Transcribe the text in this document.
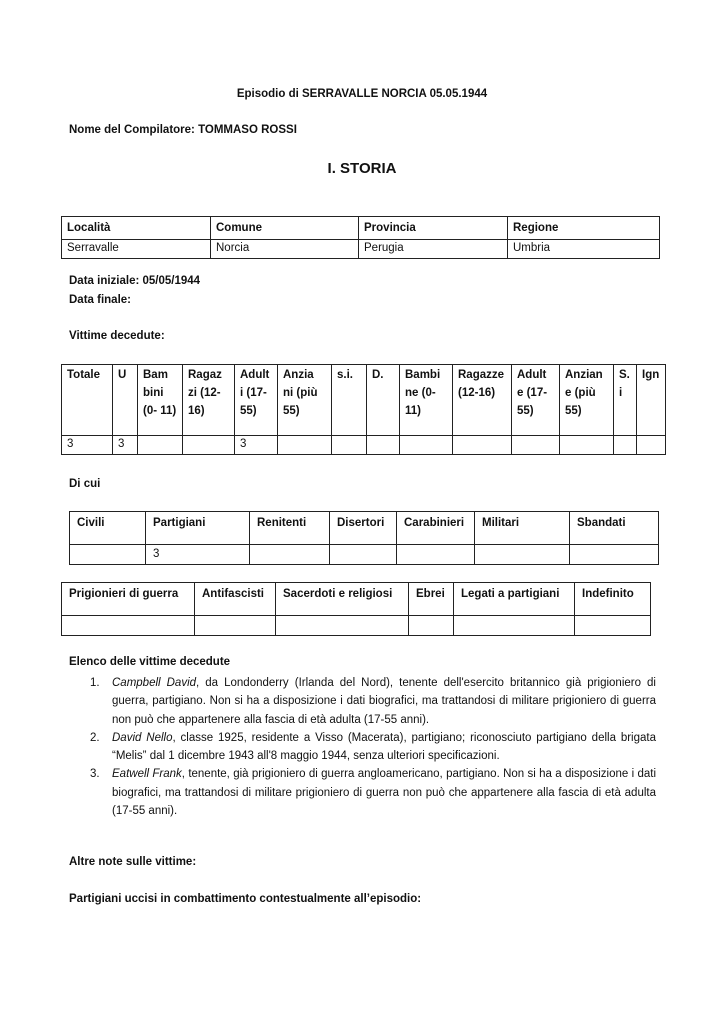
Episodio di SERRAVALLE NORCIA 05.05.1944
Nome del Compilatore: TOMMASO ROSSI
I. STORIA
Località	Comune	Provincia	Regione
Serravalle	Norcia	Perugia	Umbria
Data iniziale: 05/05/1944
Data finale:
Vittime decedute:
Totale	U	Bam bini (0- 11)	Ragaz zi (12- 16)	Adult i (17- 55)	Anzia ni (più 55)	s.i.	D.	Bambi ne (0- 11)	Ragazze (12-16)	Adult e (17- 55)	Anzian e (più 55)	S. i	Ign
3	3			3									
Di cui
Civili	Partigiani	Renitenti	Disertori	Carabinieri	Militari	Sbandati
	3					
Prigionieri di guerra	Antifascisti	Sacerdoti e religiosi	Ebrei	Legati a partigiani	Indefinito

Elenco delle vittime decedute
1. Campbell David, da Londonderry (Irlanda del Nord), tenente dell'esercito britannico già prigioniero di guerra, partigiano. Non si ha a disposizione i dati biografici, ma trattandosi di militare prigioniero di guerra non può che appartenere alla fascia di età adulta (17-55 anni).
2. David Nello, classe 1925, residente a Visso (Macerata), partigiano; riconosciuto partigiano della brigata “Melis” dal 1 dicembre 1943 all'8 maggio 1944, senza ulteriori specificazioni.
3. Eatwell Frank, tenente, già prigioniero di guerra angloamericano, partigiano. Non si ha a disposizione i dati biografici, ma trattandosi di militare prigioniero di guerra non può che appartenere alla fascia di età adulta (17-55 anni).
Altre note sulle vittime:
Partigiani uccisi in combattimento contestualmente all’episodio:
